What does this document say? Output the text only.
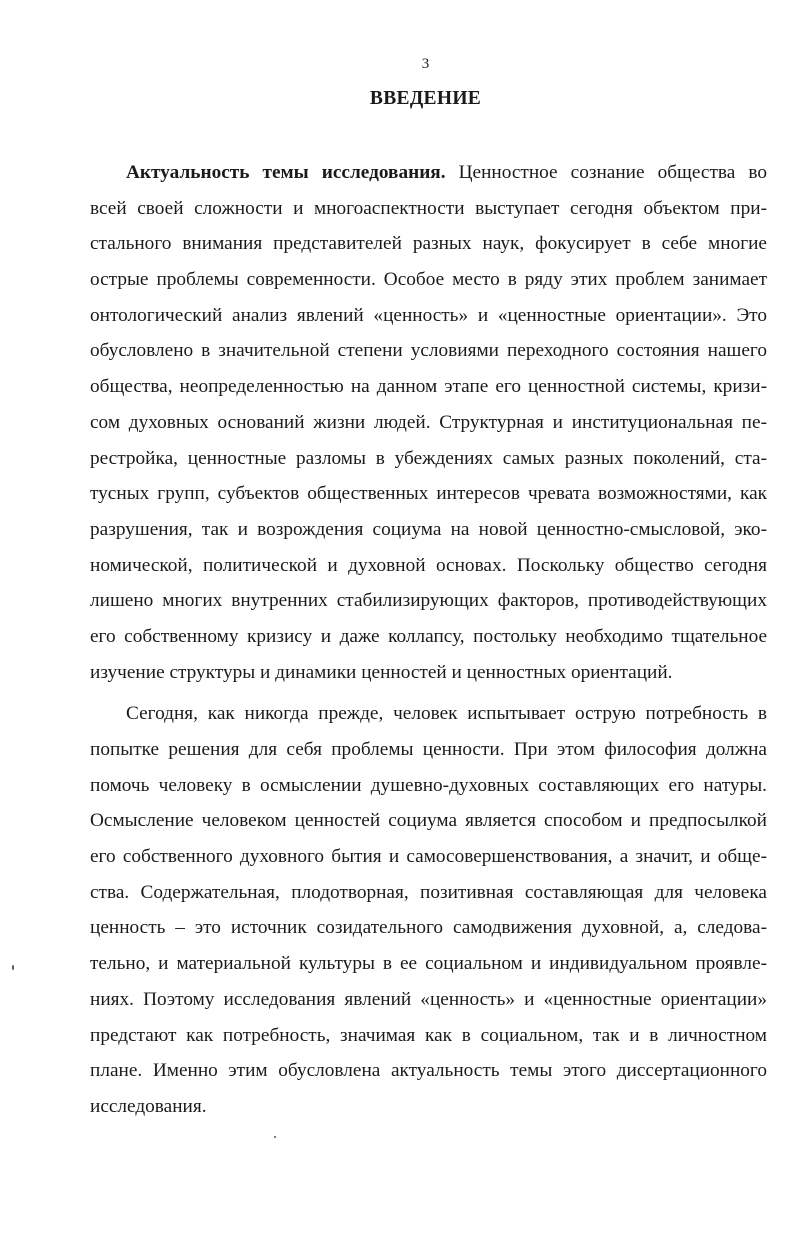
3
ВВЕДЕНИЕ
Актуальность темы исследования. Ценностное сознание общества во
всей своей сложности и многоаспектности выступает сегодня объектом при-
стального внимания представителей разных наук, фокусирует в себе многие
острые проблемы современности. Особое место в ряду этих проблем занимает
онтологический анализ явлений «ценность» и «ценностные ориентации». Это
обусловлено в значительной степени условиями переходного состояния нашего
общества, неопределенностью на данном этапе его ценностной системы, кризи-
сом духовных оснований жизни людей. Структурная и институциональная пе-
рестройка, ценностные разломы в убеждениях самых разных поколений, ста-
тусных групп, субъектов общественных интересов чревата возможностями, как
разрушения, так и возрождения социума на новой ценностно-смысловой, эко-
номической, политической и духовной основах. Поскольку общество сегодня
лишено многих внутренних стабилизирующих факторов, противодействующих
его собственному кризису и даже коллапсу, постольку необходимо тщательное
изучение структуры и динамики ценностей и ценностных ориентаций.
Сегодня, как никогда прежде, человек испытывает острую потребность в
попытке решения для себя проблемы ценности. При этом философия должна
помочь человеку в осмыслении душевно-духовных составляющих его натуры.
Осмысление человеком ценностей социума является способом и предпосылкой
его собственного духовного бытия и самосовершенствования, а значит, и обще-
ства. Содержательная, плодотворная, позитивная составляющая для человека
ценность – это источник созидательного самодвижения духовной, а, следова-
тельно, и материальной культуры в ее социальном и индивидуальном проявле-
ниях. Поэтому исследования явлений «ценность» и «ценностные ориентации»
предстают как потребность, значимая как в социальном, так и в личностном
плане. Именно этим обусловлена актуальность темы этого диссертационного
исследования.
